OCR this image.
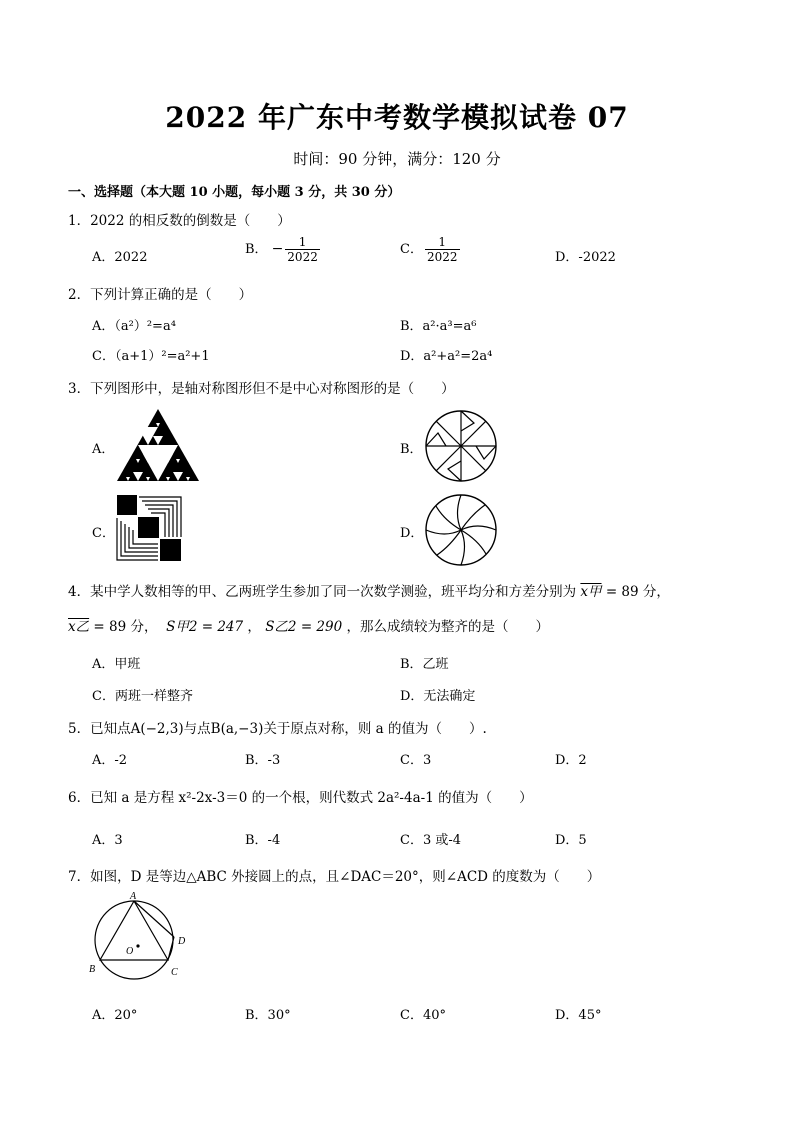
2022 年广东中考数学模拟试卷 07
时间：90 分钟，满分：120 分
一、选择题（本大题 10 小题，每小题 3 分，共 30 分）
1．2022 的相反数的倒数是（　　）
A．2022
B． − $\frac{1}{2022}$	C． $\frac{1}{2022}$	D．-2022
2．下列计算正确的是（　　）
A．（a²）²=a⁴	B．a²·a³=a⁶
C．（a+1）²=a²+1	D．a²+a²=2a⁴
3．下列图形中，是轴对称图形但不是中心对称图形的是（　　）
A．	B．
C．	D．
4．某中学人数相等的甲、乙两班学生参加了同一次数学测验，班平均分和方差分别为 x甲 = 89 分，
x乙 = 89 分， S甲2 = 247 ， S乙2 = 290 ，那么成绩较为整齐的是（　　）
A．甲班	B．乙班
C．两班一样整齐	D．无法确定
5．已知点A(−2,3)与点B(a,−3)关于原点对称，则 a 的值为（　　）.
A．-2	B．-3	C．3	D．2
6．已知 a 是方程 x²-2x-3＝0 的一个根，则代数式 2a²-4a-1 的值为（　　）
A．3	B．-4	C．3 或-4	D．5
7．如图，D 是等边△ABC 外接圆上的点，且∠DAC＝20°，则∠ACD 的度数为（　　）
A
B	C
D
O
A．20°	B．30°	C．40°	D．45°
